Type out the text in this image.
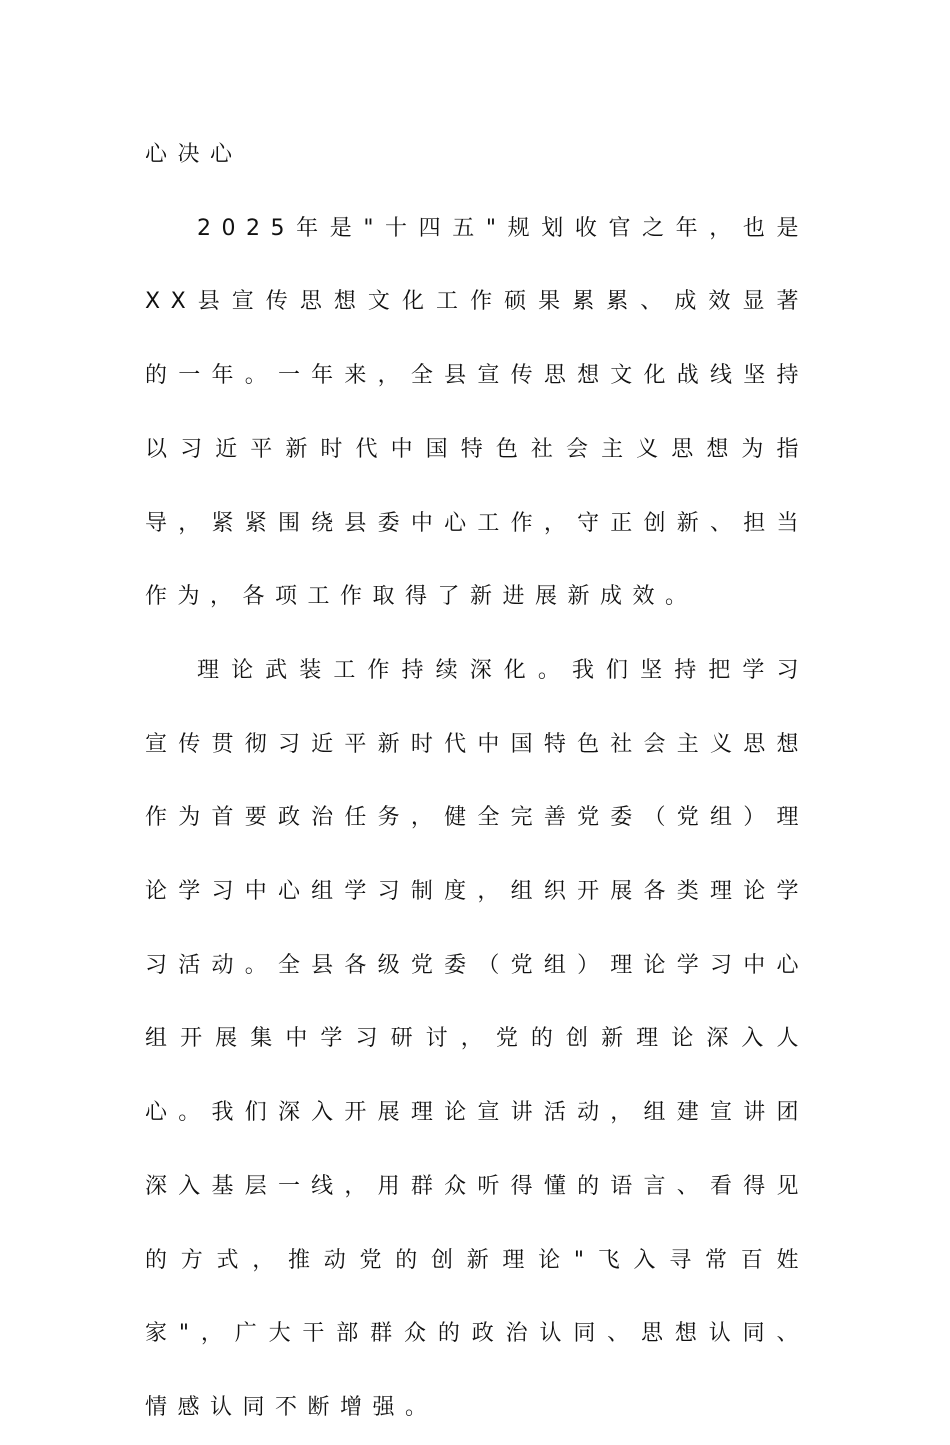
心决心

2025年是"十四五"规划收官之年，也是XX县宣传思想文化工作硕果累累、成效显著的一年。一年来，全县宣传思想文化战线坚持以习近平新时代中国特色社会主义思想为指导，紧紧围绕县委中心工作，守正创新、担当作为，各项工作取得了新进展新成效。

理论武装工作持续深化。我们坚持把学习宣传贯彻习近平新时代中国特色社会主义思想作为首要政治任务，健全完善党委（党组）理论学习中心组学习制度，组织开展各类理论学习活动。全县各级党委（党组）理论学习中心组开展集中学习研讨，党的创新理论深入人心。我们深入开展理论宣讲活动，组建宣讲团深入基层一线，用群众听得懂的语言、看得见的方式，推动党的创新理论"飞入寻常百姓家"，广大干部群众的政治认同、思想认同、情感认同不断增强。
